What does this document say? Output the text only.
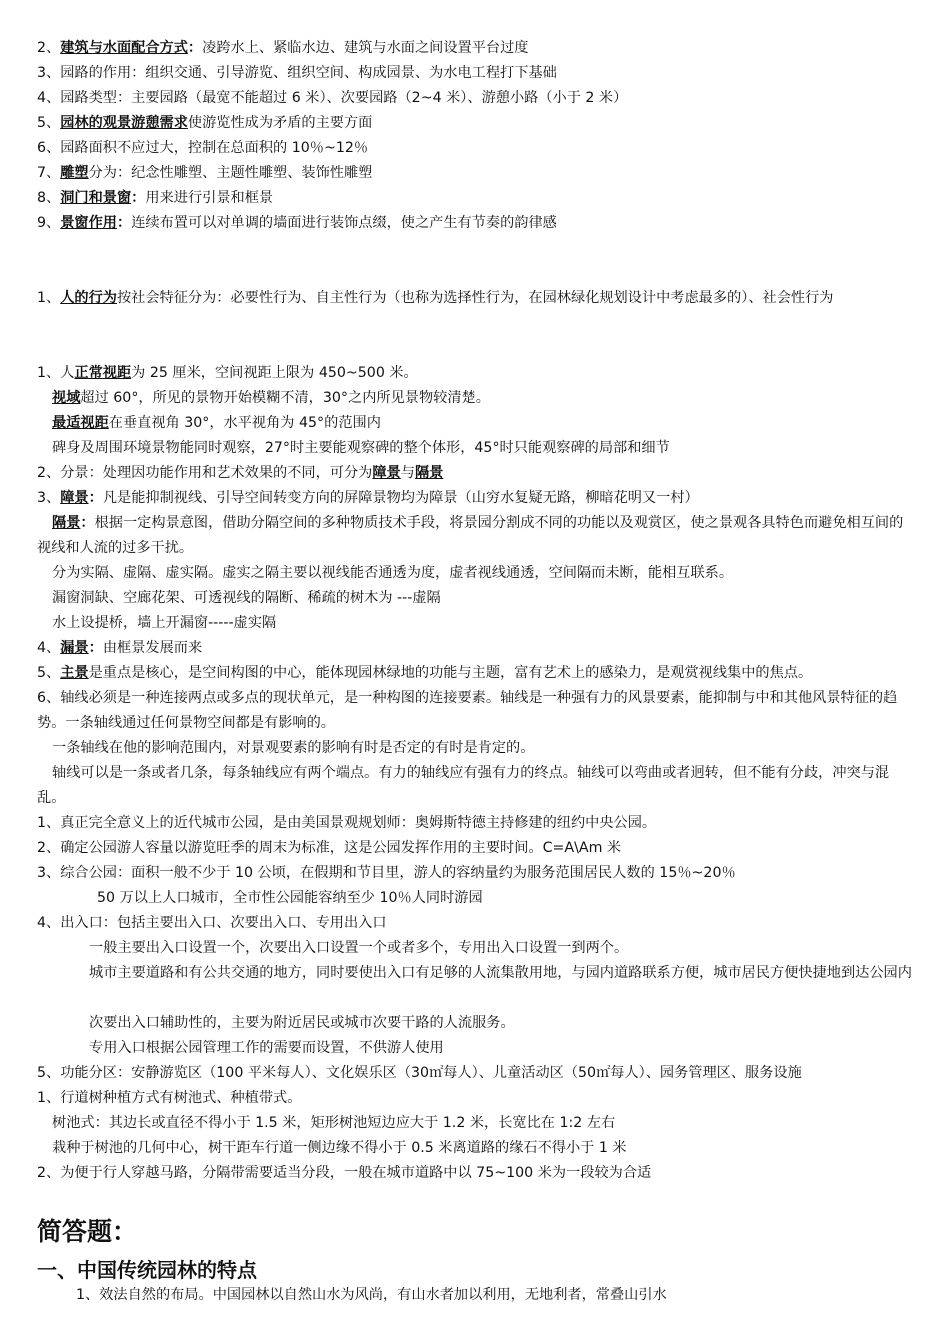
2、建筑与水面配合方式：凌跨水上、紧临水边、建筑与水面之间设置平台过度
3、园路的作用：组织交通、引导游览、组织空间、构成园景、为水电工程打下基础
4、园路类型：主要园路（最宽不能超过 6 米）、次要园路（2~4 米）、游憩小路（小于 2 米）
5、园林的观景游憩需求使游览性成为矛盾的主要方面
6、园路面积不应过大，控制在总面积的 10％~12％
7、雕塑分为：纪念性雕塑、主题性雕塑、装饰性雕塑
8、洞门和景窗：用来进行引景和框景
9、景窗作用：连续布置可以对单调的墙面进行装饰点缀，使之产生有节奏的韵律感
1、人的行为按社会特征分为：必要性行为、自主性行为（也称为选择性行为，在园林绿化规划设计中考虑最多的）、社会性行为
1、人正常视距为 25 厘米，空间视距上限为 450~500 米。
视域超过 60°，所见的景物开始模糊不清，30°之内所见景物较清楚。
最适视距在垂直视角 30°，水平视角为 45°的范围内
碑身及周围环境景物能同时观察，27°时主要能观察碑的整个体形，45°时只能观察碑的局部和细节
2、分景：处理因功能作用和艺术效果的不同，可分为障景与隔景
3、障景：凡是能抑制视线、引导空间转变方向的屏障景物均为障景（山穷水复疑无路，柳暗花明又一村）
隔景：根据一定构景意图，借助分隔空间的多种物质技术手段，将景园分割成不同的功能以及观赏区，使之景观各具特色而避免相互间的视线和人流的过多干扰。
分为实隔、虚隔、虚实隔。虚实之隔主要以视线能否通透为度，虚者视线通透，空间隔而未断，能相互联系。
漏窗洞缺、空廊花架、可透视线的隔断、稀疏的树木为 ---虚隔
水上设提桥，墙上开漏窗-----虚实隔
4、漏景：由框景发展而来
5、主景是重点是核心，是空间构图的中心，能体现园林绿地的功能与主题，富有艺术上的感染力，是观赏视线集中的焦点。
6、轴线必须是一种连接两点或多点的现状单元，是一种构图的连接要素。轴线是一种强有力的风景要素，能抑制与中和其他风景特征的趋势。一条轴线通过任何景物空间都是有影响的。
一条轴线在他的影响范围内，对景观要素的影响有时是否定的有时是肯定的。
轴线可以是一条或者几条，每条轴线应有两个端点。有力的轴线应有强有力的终点。轴线可以弯曲或者迥转，但不能有分歧，冲突与混乱。
1、真正完全意义上的近代城市公园，是由美国景观规划师：奥姆斯特德主持修建的纽约中央公园。
2、确定公园游人容量以游览旺季的周末为标准，这是公园发挥作用的主要时间。C=A\Am 米
3、综合公园：面积一般不少于 10 公顷，在假期和节目里，游人的容纳量约为服务范围居民人数的 15％~20％
50 万以上人口城市，全市性公园能容纳至少 10％人同时游园
4、出入口：包括主要出入口、次要出入口、专用出入口
一般主要出入口设置一个，次要出入口设置一个或者多个，专用出入口设置一到两个。
城市主要道路和有公共交通的地方，同时要使出入口有足够的人流集散用地，与园内道路联系方便，城市居民方便快捷地到达公园内
次要出入口辅助性的，主要为附近居民或城市次要干路的人流服务。
专用入口根据公园管理工作的需要而设置，不供游人使用
5、功能分区：安静游览区（100 平米每人）、文化娱乐区（30㎡每人）、儿童活动区（50㎡每人）、园务管理区、服务设施
1、行道树种植方式有树池式、种植带式。
树池式：其边长或直径不得小于 1.5 米，矩形树池短边应大于 1.2 米，长宽比在 1:2 左右
栽种于树池的几何中心，树干距车行道一侧边缘不得小于 0.5 米离道路的缘石不得小于 1 米
2、为便于行人穿越马路，分隔带需要适当分段，一般在城市道路中以 75~100 米为一段较为合适
简答题：
一、中国传统园林的特点
1、效法自然的布局。中国园林以自然山水为风尚，有山水者加以利用，无地利者，常叠山引水
